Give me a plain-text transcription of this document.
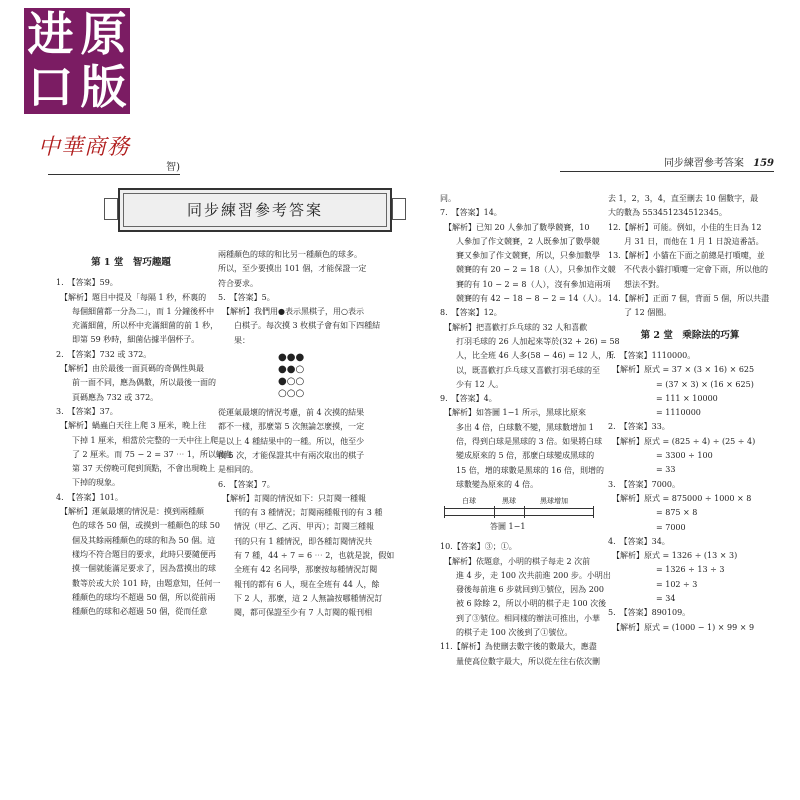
进 原
口 版
中華商務
智)	同步練習參考答案 159
同步練習參考答案

第 1 堂　智巧趣題

1.　【答案】59。

　【解析】題目中提及「每隔 1 秒，杯裏的

　　每個細菌都一分為二」，而 1 分鐘後杯中

　　充滿細菌，所以杯中充滿細菌的前 1 秒，

　　即第 59 秒時，細菌佔據半個杯子。

2.　【答案】732 或 372。

　【解析】由於最後一面頁碼的奇偶性與最

　　前一面不同，應為偶數，所以最後一面的

　　頁碼應為 732 或 372。

3.　【答案】37。

　【解析】蝸蟲白天往上爬 3 厘米，晚上往

　　下掉 1 厘米，相當於完整的一天中往上爬

　　了 2 厘米。而 75 − 2 = 37 ⋯ 1，所以蝸蟲

　　第 37 天傍晚可爬到頂點，不會出現晚上

　　下掉的現象。

4.　【答案】101。

　【解析】運氣最壞的情況是：摸到兩種顏

　　色的球各 50 個，或摸到一種顏色的球 50

　　個及其餘兩種顏色的球的和為 50 個。這

　　樣均不符合題目的要求，此時只要隨便再

　　摸一個就能滿足要求了，因為當摸出的球

　　數等於或大於 101 時，由題意知，任何一

　　種顏色的球均不超過 50 個，所以從前兩

　　種顏色的球和必超過 50 個，從而任意

兩種顏色的球的和比另一種顏色的球多。

所以，至少要摸出 101 個，才能保證一定

符合要求。

5.　【答案】5。

　【解析】我們用●表示黑棋子，用○表示

　　白棋子。每次摸 3 枚棋子會有如下四種結

　　果：

●●●
●●○
●○○
○○○

從運氣最壞的情況考慮，前 4 次摸的結果

都不一樣，那麼第 5 次無論怎麼摸，一定

是以上 4 種結果中的一種。所以，他至少

摸 5 次，才能保證其中有兩次取出的棋子

是相同的。

6.　【答案】7。

　【解析】訂閱的情況如下：只訂閱一種報

　　刊的有 3 種情況；訂閱兩種報刊的有 3 種

　　情況（甲乙、乙丙、甲丙）；訂閱三種報

　　刊的只有 1 種情況，即各種訂閱情況共

　　有 7 種，44 ÷ 7 = 6 ⋯ 2，也就是說，假如

　　全班有 42 名同學，那麼按每種情況訂閱

　　報刊的都有 6 人，現在全班有 44 人，餘

　　下 2 人，那麼，這 2 人無論按哪種情況訂

　　閱，都可保證至少有 7 人訂閱的報刊相

同。

7.　【答案】14。

　【解析】已知 20 人參加了數學競賽，10

　　人參加了作文競賽，2 人既參加了數學競

　　賽又參加了作文競賽，所以，只參加數學

　　競賽的有 20 − 2 = 18（人），只參加作文競

　　賽的有 10 − 2 = 8（人），沒有參加這兩項

　　競賽的有 42 − 18 − 8 − 2 = 14（人）。

8.　【答案】12。

　【解析】把喜歡打乒乓球的 32 人和喜歡

　　打羽毛球的 26 人加起來等於(32 + 26) = 58

　　人，比全班 46 人多(58 − 46) = 12 人，所

　　以，既喜歡打乒乓球又喜歡打羽毛球的至

　　少有 12 人。

9.　【答案】4。

　【解析】如答圖 1−1 所示，黑球比原來

　　多出 4 倍，白球數不變，黑球數增加 1

　　倍，得到白球是黑球的 3 倍。如果將白球

　　變成原來的 5 倍，那麼白球變成黑球的

　　15 倍，增的球數是黑球的 16 倍，則增的

　　球數變為原來的 4 倍。

白球	黑球	黑球增加
答圖 1−1

10.【答案】③；①。

　【解析】依題意，小明的棋子每走 2 次前

　　進 4 步，走 100 次共前進 200 步。小明出

　　發後每前進 6 步就回到①號位，因為 200

　　被 6 除餘 2，所以小明的棋子走 100 次後

　　到了③號位。相同樣的辦法可推出，小華

　　的棋子走 100 次後到了①號位。

11.【解析】為使刪去數字後的數最大，應盡

　　量使高位數字最大，所以從左往右依次刪

去 1，2，3，4，直至刪去 10 個數字，最

大的數為 553451234512345。

12.【解析】可能。例如，小佳的生日為 12

　　月 31 日，而他在 1 月 1 日說這番話。

13.【解析】小貓在下面之前總是打噴嚏，並

　　不代表小貓打噴嚏一定會下雨，所以他的

　　想法不對。

14.【解析】正面 7 個，背面 5 個，所以共盡

　　了 12 個圈。

第 2 堂　乘除法的巧算

1.　【答案】1110000。

　【解析】原式 = 37 × (3 × 16) × 625

　　　　　　= (37 × 3) × (16 × 625)

　　　　　　= 111 × 10000

　　　　　　= 1110000

2.　【答案】33。

　【解析】原式 = (825 ÷ 4) ÷ (25 ÷ 4)

　　　　　　= 3300 ÷ 100

　　　　　　= 33

3.　【答案】7000。

　【解析】原式 = 875000 ÷ 1000 × 8

　　　　　　= 875 × 8

　　　　　　= 7000

4.　【答案】34。

　【解析】原式 = 1326 ÷ (13 × 3)

　　　　　　= 1326 ÷ 13 ÷ 3

　　　　　　= 102 ÷ 3

　　　　　　= 34

5.　【答案】890109。

　【解析】原式 = (1000 − 1) × 99 × 9
